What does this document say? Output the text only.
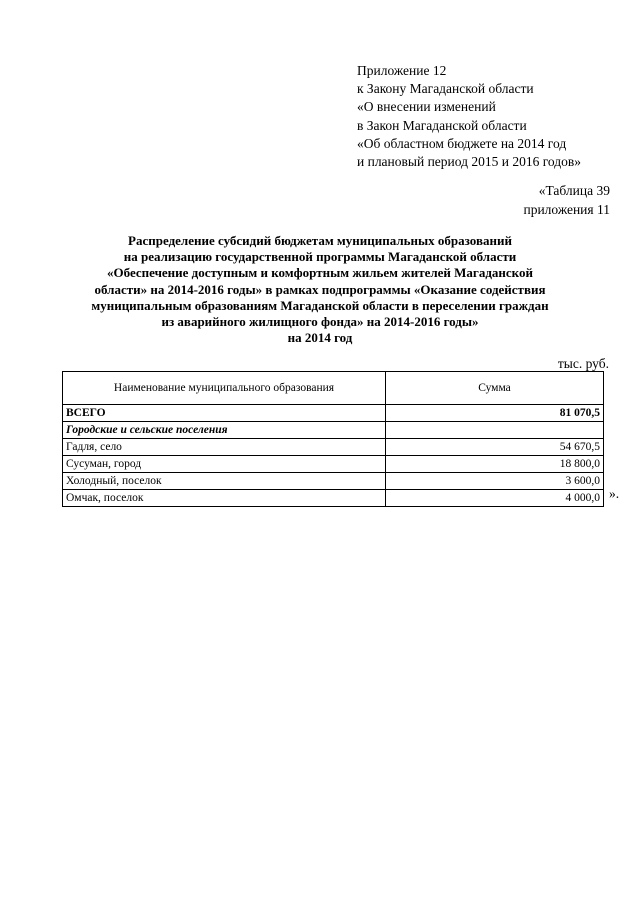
Приложение 12
к Закону Магаданской области
«О внесении изменений
в Закон Магаданской области
«Об областном бюджете на 2014 год
и плановый период 2015 и 2016 годов»
«Таблица 39
приложения 11
Распределение субсидий бюджетам муниципальных образований
на реализацию государственной программы Магаданской области
«Обеспечение доступным и комфортным жильем жителей Магаданской
области» на 2014-2016 годы» в рамках подпрограммы «Оказание содействия
муниципальным образованиям Магаданской области в переселении граждан
из аварийного жилищного фонда» на 2014-2016 годы»
на 2014 год
тыс. руб.
Наименование муниципального образования	Сумма
ВСЕГО	81 070,5
Городские и сельские поселения	
Гадля, село	54 670,5
Сусуман, город	18 800,0
Холодный, поселок	3 600,0
Омчак, поселок	4 000,0 ».
